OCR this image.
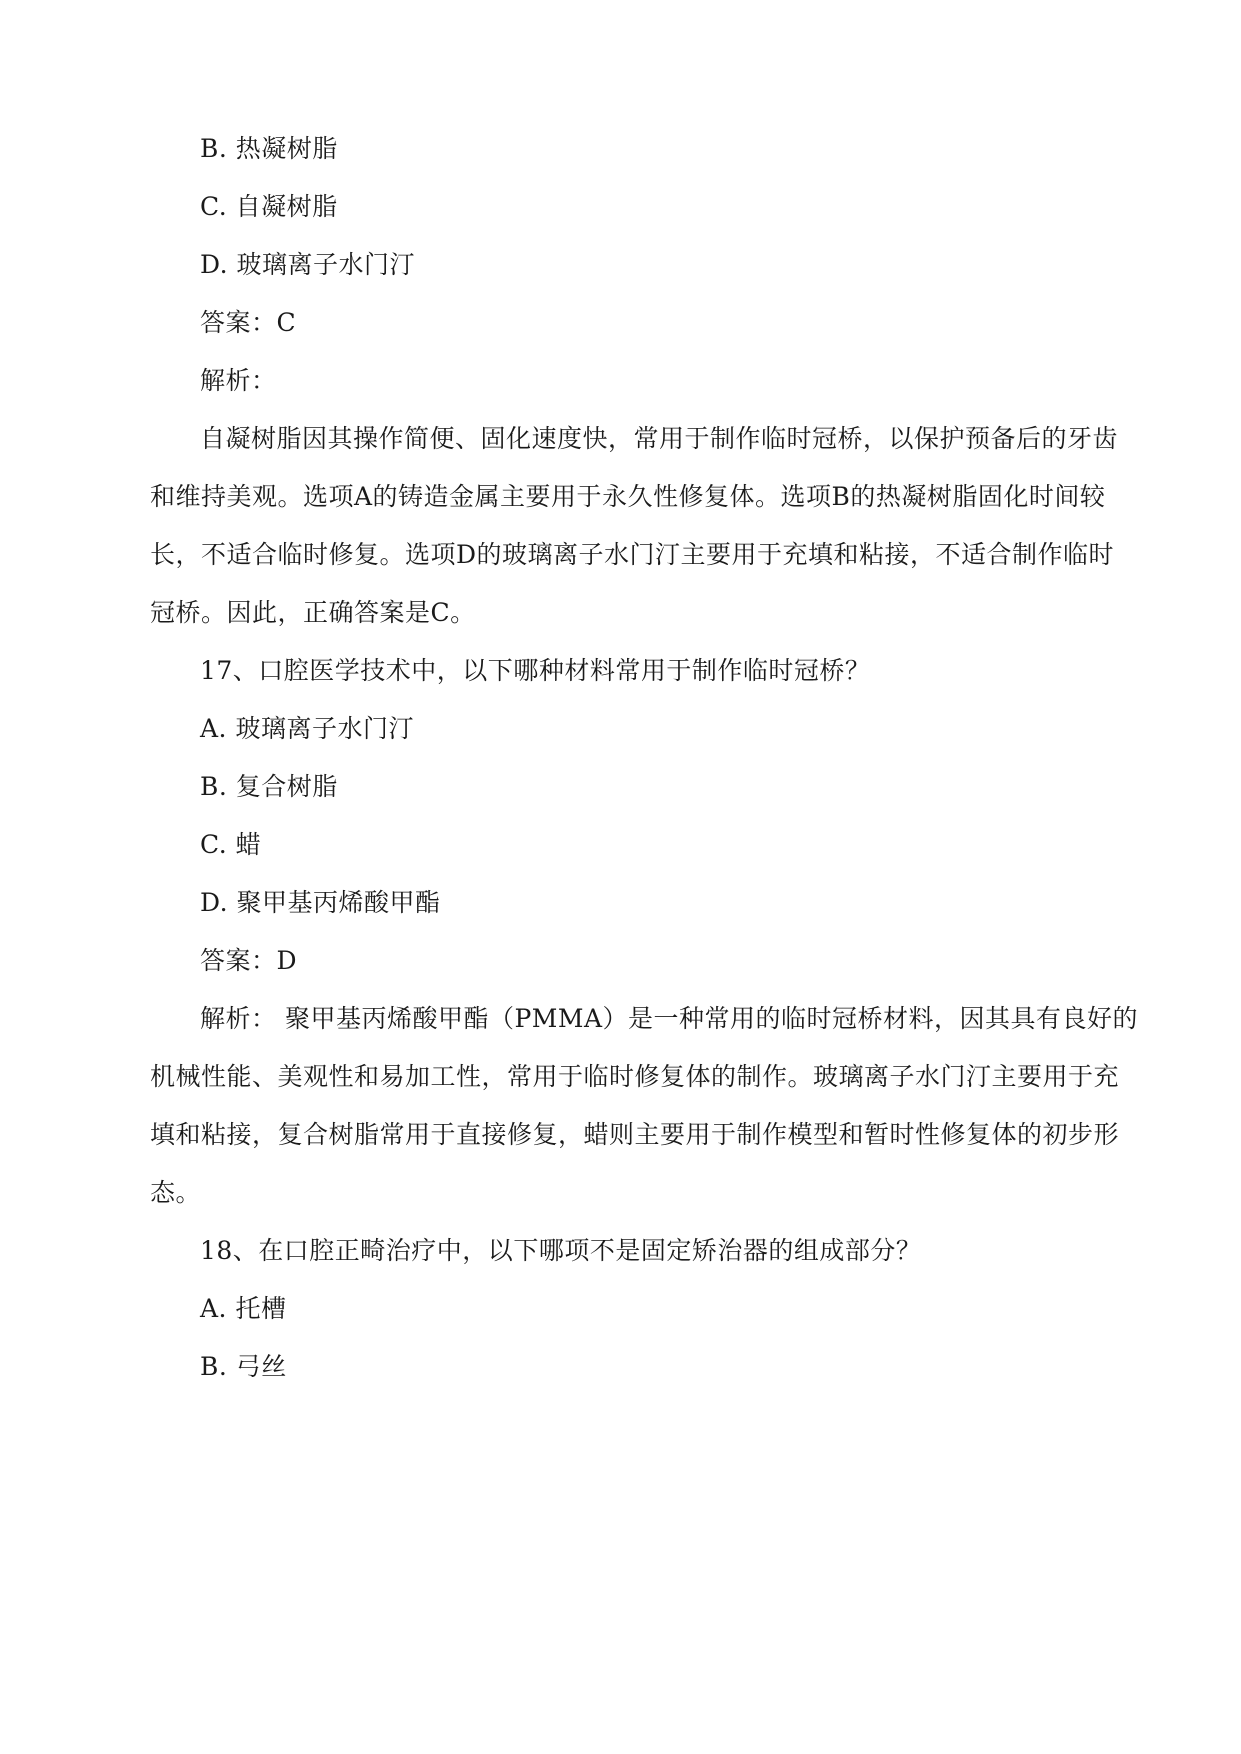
B. 热凝树脂
C. 自凝树脂
D. 玻璃离子水门汀
答案：C
解析：
自凝树脂因其操作简便、固化速度快，常用于制作临时冠桥，以保护预备后的牙齿
和维持美观。选项A的铸造金属主要用于永久性修复体。选项B的热凝树脂固化时间较
长，不适合临时修复。选项D的玻璃离子水门汀主要用于充填和粘接，不适合制作临时
冠桥。因此，正确答案是C。
17、口腔医学技术中，以下哪种材料常用于制作临时冠桥？
A. 玻璃离子水门汀
B. 复合树脂
C. 蜡
D. 聚甲基丙烯酸甲酯
答案：D
解析： 聚甲基丙烯酸甲酯（PMMA）是一种常用的临时冠桥材料，因其具有良好的
机械性能、美观性和易加工性，常用于临时修复体的制作。玻璃离子水门汀主要用于充
填和粘接，复合树脂常用于直接修复，蜡则主要用于制作模型和暂时性修复体的初步形
态。
18、在口腔正畸治疗中，以下哪项不是固定矫治器的组成部分？
A. 托槽
B. 弓丝
